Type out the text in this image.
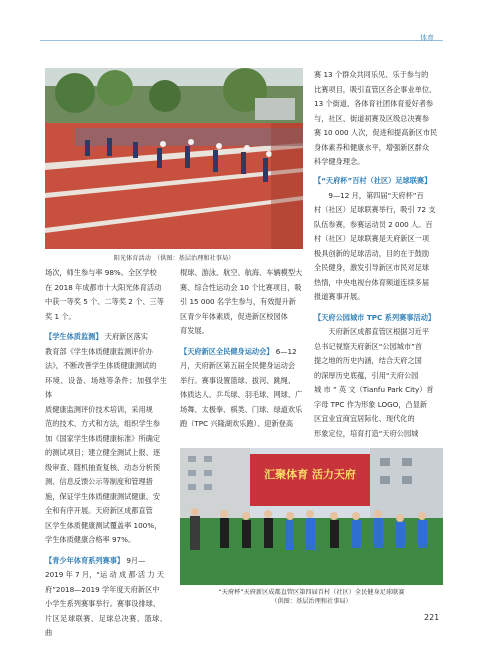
体育
阳光体育活动　（供图：基层治理和社事局）

赛 13 个群众共同乐见、乐于参与的

比赛项目，吸引直管区各企事业单位、

13 个街道、各体育社团体育爱好者参

与，社区、街道初赛及区级总决赛参

赛 10 000 人次，促进和提高新区市民

身体素养和健康水平，增强新区群众

科学健身理念。

【“天府杯”百村（社区）足球联赛】

9—12 月，第四届“天府杯”百

村（社区）足球联赛举行，吸引 72 支

队伍参赛，参赛运动员 2 000 人。百

村（社区）足球联赛是天府新区一项

极具创新的足球活动，目的在于鼓励

全民健身，激发引导新区市民对足球

热情，中央电视台体育频道连续多届

报道赛事开展。

【天府公园城市 TPC 系列赛事活动】

天府新区成都直管区根据习近平

总书记视察天府新区“公园城市”首

提之地的历史内涵，结合天府之国

的深厚历史底蕴，引用“天府公园

城 市 ” 英 文（Tianfu Park City）首

字母 TPC 作为形象 LOGO，凸显新

区宜业宜商宜居际化、现代化的

形象定位，培育打造“天府公园城

场次，师生参与率 98%。全区学校

在 2018 年成都市十大阳光体育活动

中获一等奖 5 个、二等奖 2 个、三等

奖 1 个。

【学生体质监测】 天府新区落实

教育部《学生体质健康监测评价办

法》，不断改善学生体质健康测试的

环境、设备、场地等条件；加强学生体

质健康监测评价技术培训，采用规

范的技术、方式和方法，组织学生参

加《国家学生体质健康标准》所确定

的测试项目；建立健全测试上报、逐

级审查、随机抽查复核、动态分析预

测、信息反馈公示等制度和管理措

施，保证学生体质健康测试健康、安

全和有序开展。天府新区成都直管

区学生体质健康测试覆盖率 100%，

学生体质健康合格率 97%。

【青少年体育系列赛事】 9月—

2019 年 7 月，“运 动 成 都·活 力 天

府”2018—2019 学年度天府新区中

小学生系列赛事举行。赛事设排球、

片区足球联赛、足球总决赛、篮球、曲

棍球、游泳、航空、航海、车辆模型大

赛、综合性运动会 10 个比赛项目，吸

引 15 000 名学生参与，有效提升新

区青少年体素质，促进新区校园体

育发展。

【天府新区全民健身运动会】 6—12

月，天府新区第五届全民健身运动会

举行。赛事设置篮球、拔河、跳绳、

体质达人、乒乓球、羽毛球、网球、广

场舞、太极拳、棋类、门球、绿道欢乐

跑（TPC 兴隆湖欢乐跑）、迎新登高

汇聚体育 活力天府
“天府杯”天府新区成都直管区第四届百村（社区）全民健身足球联赛
（供图：基层治理和社事局）
221
